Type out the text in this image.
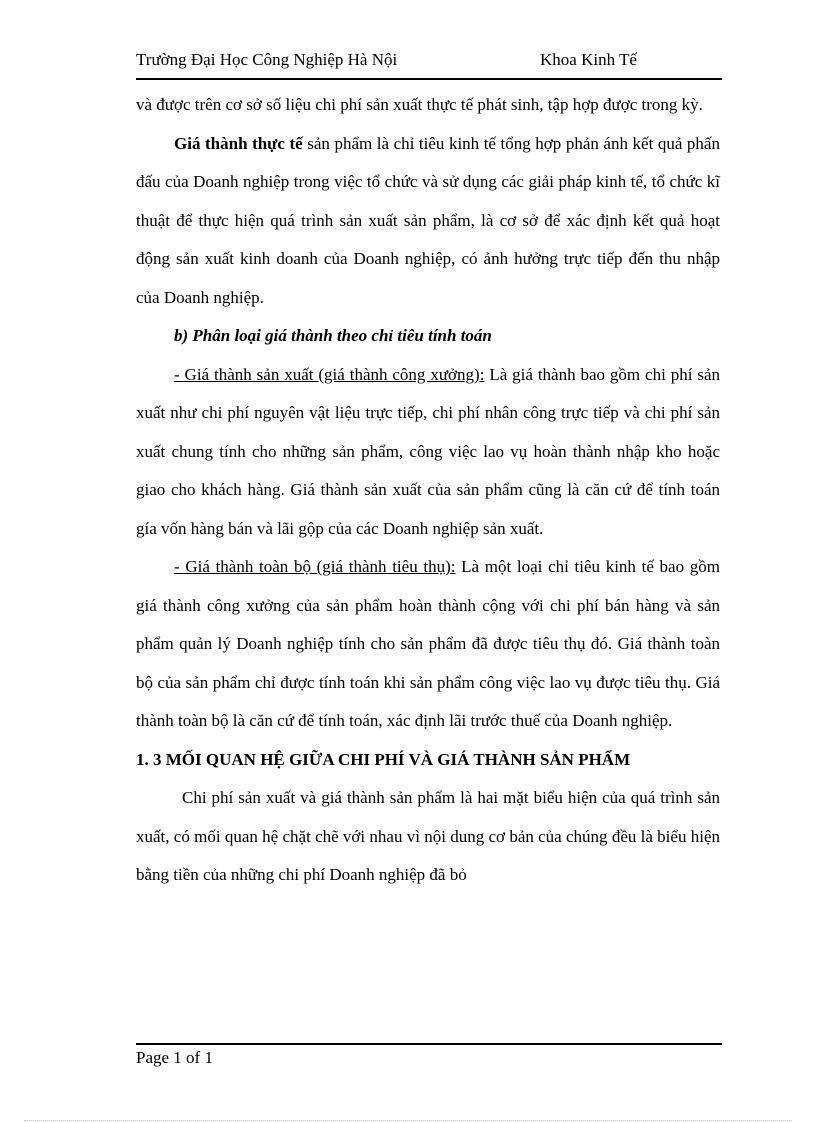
Trường Đại Học Công Nghiệp Hà Nội	Khoa Kinh Tế

và được trên cơ sở số liệu chi phí sản xuất thực tế phát sinh, tập hợp được trong kỳ.

Giá thành thực tế sản phẩm là chỉ tiêu kinh tế tổng hợp phản ánh kết quả phấn đấu của Doanh nghiệp trong việc tổ chức và sử dụng các giải pháp kinh tế, tổ chức kĩ thuật để thực hiện quá trình sản xuất sản phẩm, là cơ sở để xác định kết quả hoạt động sản xuất kinh doanh của Doanh nghiệp, có ảnh hưởng trực tiếp đến thu nhập của Doanh nghiệp.

b) Phân loại giá thành theo chỉ tiêu tính toán

- Giá thành sản xuất (giá thành công xưởng): Là giá thành bao gồm chi phí sản xuất như chi phí nguyên vật liệu trực tiếp, chi phí nhân công trực tiếp và chi phí sản xuất chung tính cho những sản phẩm, công việc lao vụ hoàn thành nhập kho hoặc giao cho khách hàng. Giá thành sản xuất của sản phẩm cũng là căn cứ để tính toán gía vốn hàng bán và lãi gộp của các Doanh nghiệp sản xuất.

- Giá thành toàn bộ (giá thành tiêu thụ): Là một loại chỉ tiêu kinh tế bao gồm giá thành công xưởng của sản phẩm hoàn thành cộng với chi phí bán hàng và sản phẩm quản lý Doanh nghiệp tính cho sản phẩm đã được tiêu thụ đó. Giá thành toàn bộ của sản phẩm chỉ được tính toán khi sản phẩm công việc lao vụ được tiêu thụ. Giá thành toàn bộ là căn cứ để tính toán, xác định lãi trước thuế của Doanh nghiệp.

1. 3 MỐI QUAN HỆ GIỮA CHI PHÍ VÀ GIÁ THÀNH SẢN PHẨM

Chi phí sản xuất và giá thành sản phẩm là hai mặt biểu hiện của quá trình sản xuất, có mối quan hệ chặt chẽ với nhau vì nội dung cơ bản của chúng đều là biểu hiện bằng tiền của những chi phí Doanh nghiệp đã bỏ

Page 1 of 1
